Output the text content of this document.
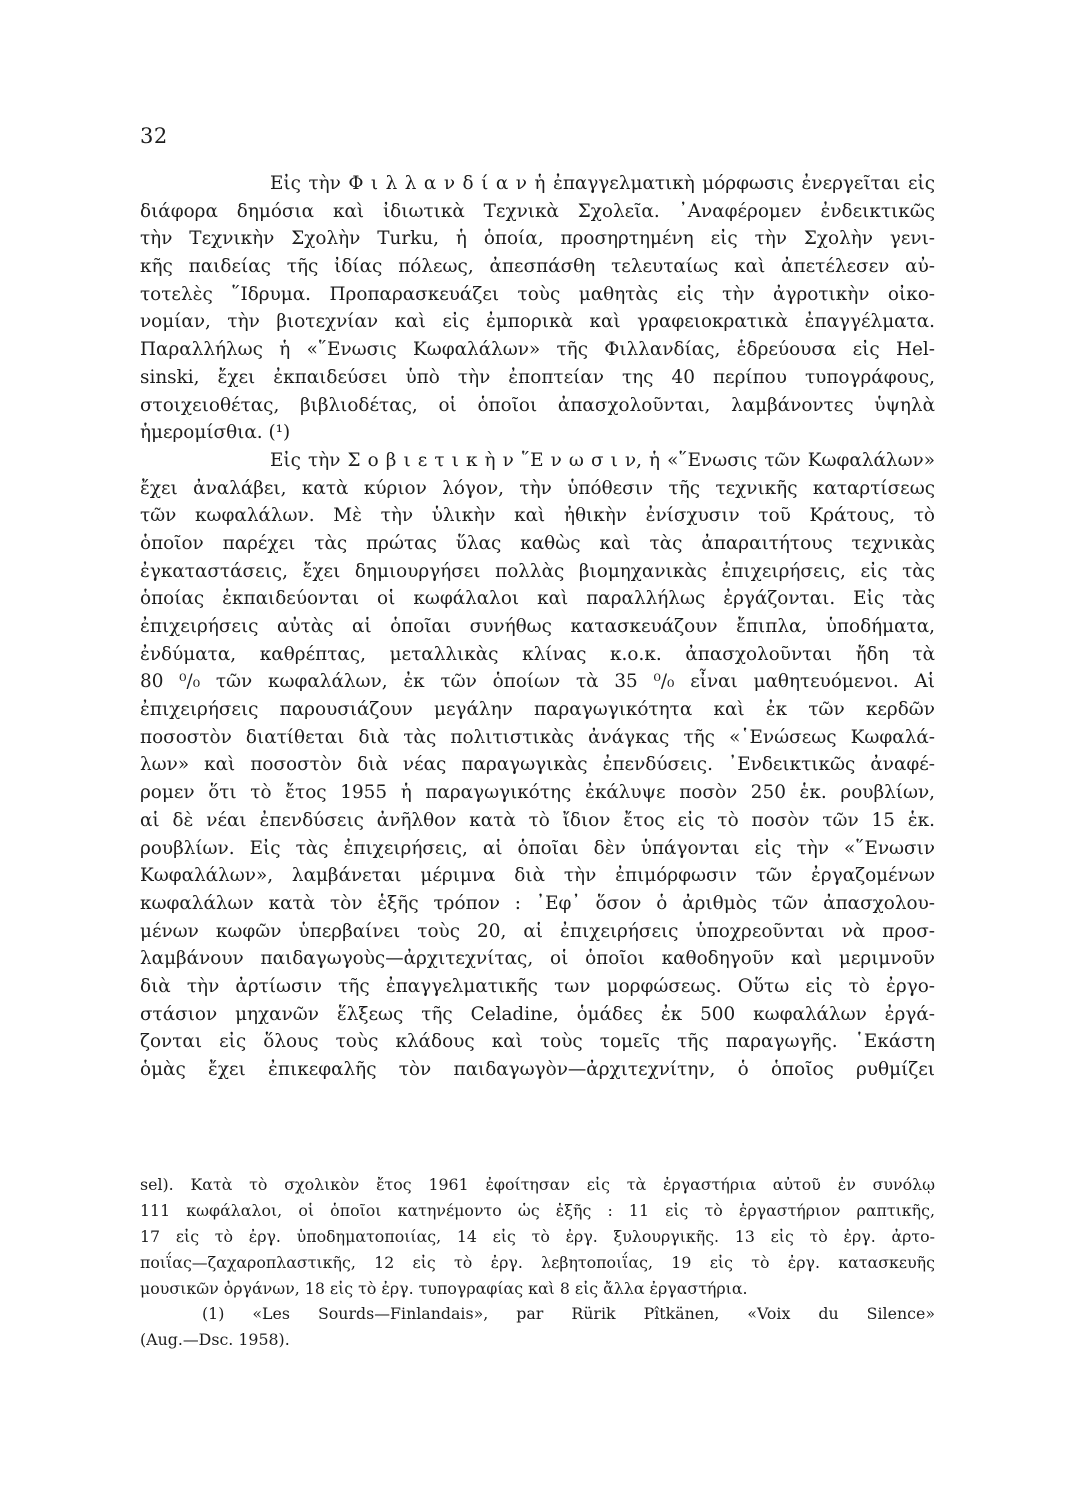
32
Εἰς τὴν Φ ι λ λ α ν δ ί α ν ἡ ἐπαγγελματικὴ μόρφωσις ἐνεργεῖται εἰς
διάφορα δημόσια καὶ ἰδιωτικὰ Τεχνικὰ Σχολεῖα. ᾿Αναφέρομεν ἐνδεικτικῶς
τὴν Τεχνικὴν Σχολὴν Turku, ἡ ὁποία, προσηρτημένη εἰς τὴν Σχολὴν γενι-
κῆς παιδείας τῆς ἰδίας πόλεως, ἀπεσπάσθη τελευταίως καὶ ἀπετέλεσεν αὐ-
τοτελὲς ῞Ιδρυμα. Προπαρασκευάζει τοὺς μαθητὰς εἰς τὴν ἀγροτικὴν οἰκο-
νομίαν, τὴν βιοτεχνίαν καὶ εἰς ἐμπορικὰ καὶ γραφειοκρατικὰ ἐπαγγέλματα.
Παραλλήλως ἡ «῞Ενωσις Κωφαλάλων» τῆς Φιλλανδίας, ἑδρεύουσα εἰς Hel-
sinski, ἔχει ἐκπαιδεύσει ὑπὸ τὴν ἐποπτείαν της 40 περίπου τυπογράφους,
στοιχειοθέτας, βιβλιοδέτας, οἱ ὁποῖοι ἀπασχολοῦνται, λαμβάνοντες ὑψηλὰ
ἡμερομίσθια. (¹)
Εἰς τὴν Σ ο β ι ε τ ι κ ὴ ν ῞Ε ν ω σ ι ν, ἡ «῞Ενωσις τῶν Κωφαλάλων»
ἔχει ἀναλάβει, κατὰ κύριον λόγον, τὴν ὑπόθεσιν τῆς τεχνικῆς καταρτίσεως
τῶν κωφαλάλων. Μὲ τὴν ὑλικὴν καὶ ἠθικὴν ἐνίσχυσιν τοῦ Κράτους, τὸ
ὁποῖον παρέχει τὰς πρώτας ὕλας καθὼς καὶ τὰς ἀπαραιτήτους τεχνικὰς
ἐγκαταστάσεις, ἔχει δημιουργήσει πολλὰς βιομηχανικὰς ἐπιχειρήσεις, εἰς τὰς
ὁποίας ἐκπαιδεύονται οἱ κωφάλαλοι καὶ παραλλήλως ἐργάζονται. Εἰς τὰς
ἐπιχειρήσεις αὐτὰς αἱ ὁποῖαι συνήθως κατασκευάζουν ἔπιπλα, ὑποδήματα,
ἐνδύματα, καθρέπτας, μεταλλικὰς κλίνας κ.ο.κ. ἀπασχολοῦνται ἤδη τὰ
80 ⁰/₀ τῶν κωφαλάλων, ἐκ τῶν ὁποίων τὰ 35 ⁰/₀ εἶναι μαθητευόμενοι. Αἱ
ἐπιχειρήσεις παρουσιάζουν μεγάλην παραγωγικότητα καὶ ἐκ τῶν κερδῶν
ποσοστὸν διατίθεται διὰ τὰς πολιτιστικὰς ἀνάγκας τῆς «῾Ενώσεως Κωφαλά-
λων» καὶ ποσοστὸν διὰ νέας παραγωγικὰς ἐπενδύσεις. ᾿Ενδεικτικῶς ἀναφέ-
ρομεν ὅτι τὸ ἔτος 1955 ἡ παραγωγικότης ἐκάλυψε ποσὸν 250 ἑκ. ρουβλίων,
αἱ δὲ νέαι ἐπενδύσεις ἀνῆλθον κατὰ τὸ ἴδιον ἔτος εἰς τὸ ποσὸν τῶν 15 ἑκ.
ρουβλίων. Εἰς τὰς ἐπιχειρήσεις, αἱ ὁποῖαι δὲν ὑπάγονται εἰς τὴν «῞Ενωσιν
Κωφαλάλων», λαμβάνεται μέριμνα διὰ τὴν ἐπιμόρφωσιν τῶν ἐργαζομένων
κωφαλάλων κατὰ τὸν ἑξῆς τρόπον : ᾿Εφ᾿ ὅσον ὁ ἀριθμὸς τῶν ἀπασχολου-
μένων κωφῶν ὑπερβαίνει τοὺς 20, αἱ ἐπιχειρήσεις ὑποχρεοῦνται νὰ προσ-
λαμβάνουν παιδαγωγοὺς—ἀρχιτεχνίτας, οἱ ὁποῖοι καθοδηγοῦν καὶ μεριμνοῦν
διὰ τὴν ἀρτίωσιν τῆς ἐπαγγελματικῆς των μορφώσεως. Οὕτω εἰς τὸ ἐργο-
στάσιον μηχανῶν ἕλξεως τῆς Celadine, ὁμάδες ἐκ 500 κωφαλάλων ἐργά-
ζονται εἰς ὅλους τοὺς κλάδους καὶ τοὺς τομεῖς τῆς παραγωγῆς. ῾Εκάστη
ὁμὰς ἔχει ἐπικεφαλῆς τὸν παιδαγωγὸν—ἀρχιτεχνίτην, ὁ ὁποῖος ρυθμίζει
sel). Κατὰ τὸ σχολικὸν ἔτος 1961 ἐφοίτησαν εἰς τὰ ἐργαστήρια αὐτοῦ ἐν συνόλῳ
111 κωφάλαλοι, οἱ ὁποῖοι κατηνέμοντο ὡς ἑξῆς : 11 εἰς τὸ ἐργαστήριον ραπτικῆς,
17 εἰς τὸ ἐργ. ὑποδηματοποιίας, 14 εἰς τὸ ἐργ. ξυλουργικῆς. 13 εἰς τὸ ἐργ. ἀρτο-
ποιΐας—ζαχαροπλαστικῆς, 12 εἰς τὸ ἐργ. λεβητοποιΐας, 19 εἰς τὸ ἐργ. κατασκευῆς
μουσικῶν ὀργάνων, 18 εἰς τὸ ἐργ. τυπογραφίας καὶ 8 εἰς ἄλλα ἐργαστήρια.
(1) «Les Sourds—Finlandais», par Rürik Pîtkänen, «Voix du Silence»
(Aug.—Dsc. 1958).
